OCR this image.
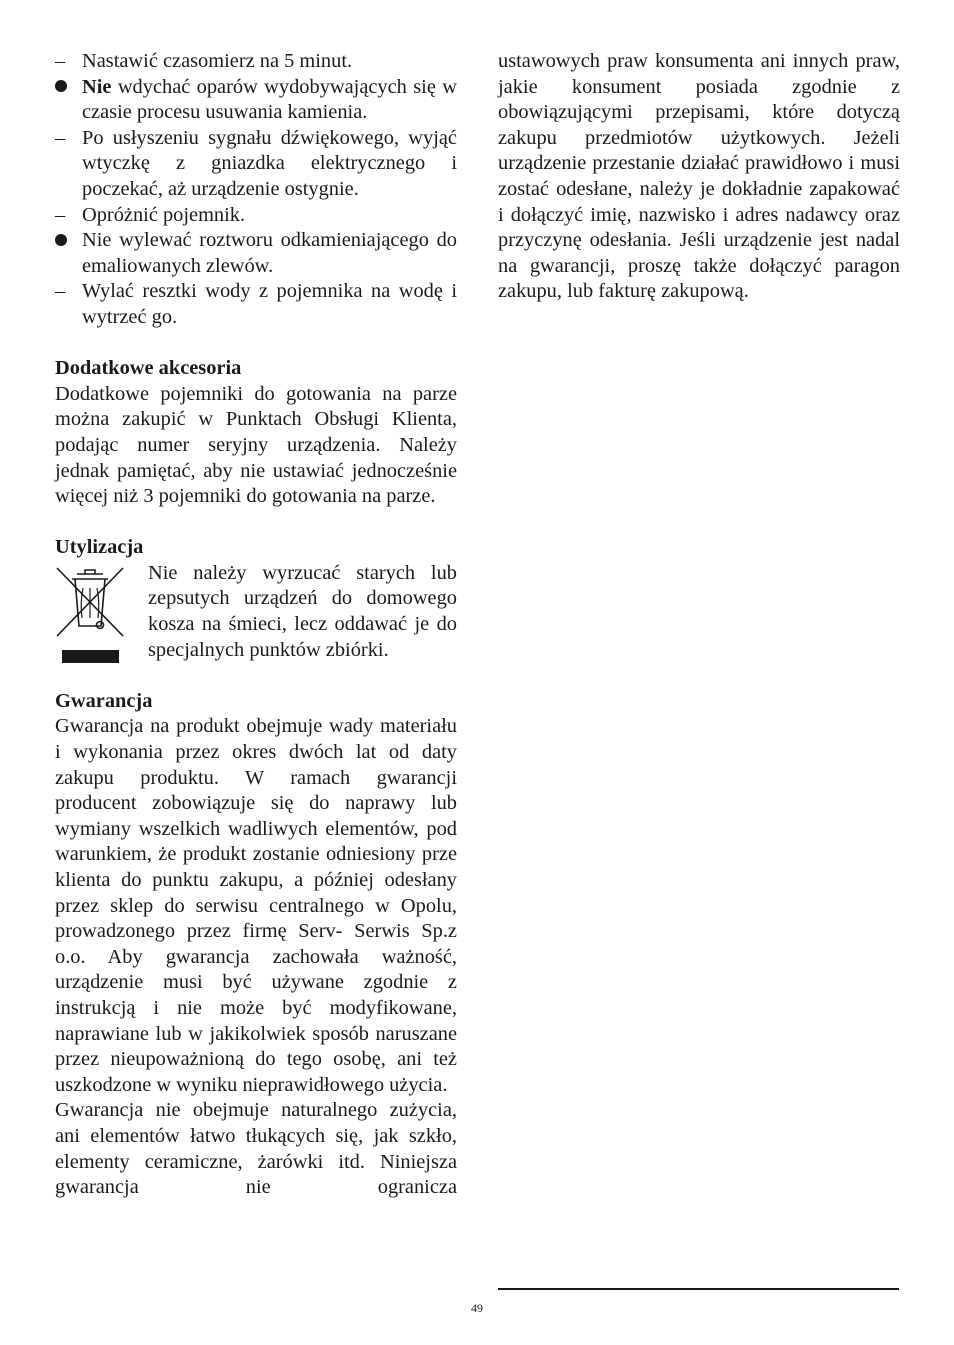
– Nastawić czasomierz na 5 minut.
Nie wdychać oparów wydobywających się w czasie procesu usuwania kamienia.
– Po usłyszeniu sygnału dźwiękowego, wyjąć wtyczkę z gniazdka elektrycznego i poczekać, aż urządzenie ostygnie.
– Opróżnić pojemnik.
Nie wylewać roztworu odkamieniającego do emaliowanych zlewów.
– Wylać resztki wody z pojemnika na wodę i wytrzeć go.
Dodatkowe akcesoria
Dodatkowe pojemniki do gotowania na parze można zakupić w Punktach Obsługi Klienta, podając numer seryjny urządzenia. Należy jednak pamiętać, aby nie ustawiać jednocześnie więcej niż 3 pojemniki do gotowania na parze.
Utylizacja
Nie należy wyrzucać starych lub zepsutych urządzeń do domowego kosza na śmieci, lecz oddawać je do specjalnych punktów zbiórki.
Gwarancja
Gwarancja na produkt obejmuje wady materiału i wykonania przez okres dwóch lat od daty zakupu produktu. W ramach gwarancji producent zobowiązuje się do naprawy lub wymiany wszelkich wadliwych elementów, pod warunkiem, że produkt zostanie odniesiony prze klienta do punktu zakupu, a później odesłany przez sklep do serwisu centralnego w Opolu, prowadzonego przez firmę Serv- Serwis Sp.z o.o. Aby gwarancja zachowała ważność, urządzenie musi być używane zgodnie z instrukcją i nie może być modyfikowane, naprawiane lub w jakikolwiek sposób naruszane przez nieupoważnioną do tego osobę, ani też uszkodzone w wyniku nieprawidłowego użycia.
Gwarancja nie obejmuje naturalnego zużycia, ani elementów łatwo tłukących się, jak szkło, elementy ceramiczne, żarówki itd. Niniejsza gwarancja nie ogranicza
ustawowych praw konsumenta ani innych praw, jakie konsument posiada zgodnie z obowiązującymi przepisami, które dotyczą zakupu przedmiotów użytkowych. Jeżeli urządzenie przestanie działać prawidłowo i musi zostać odesłane, należy je dokładnie zapakować i dołączyć imię, nazwisko i adres nadawcy oraz przyczynę odesłania. Jeśli urządzenie jest nadal na gwarancji, proszę także dołączyć paragon zakupu, lub fakturę zakupową.
49
